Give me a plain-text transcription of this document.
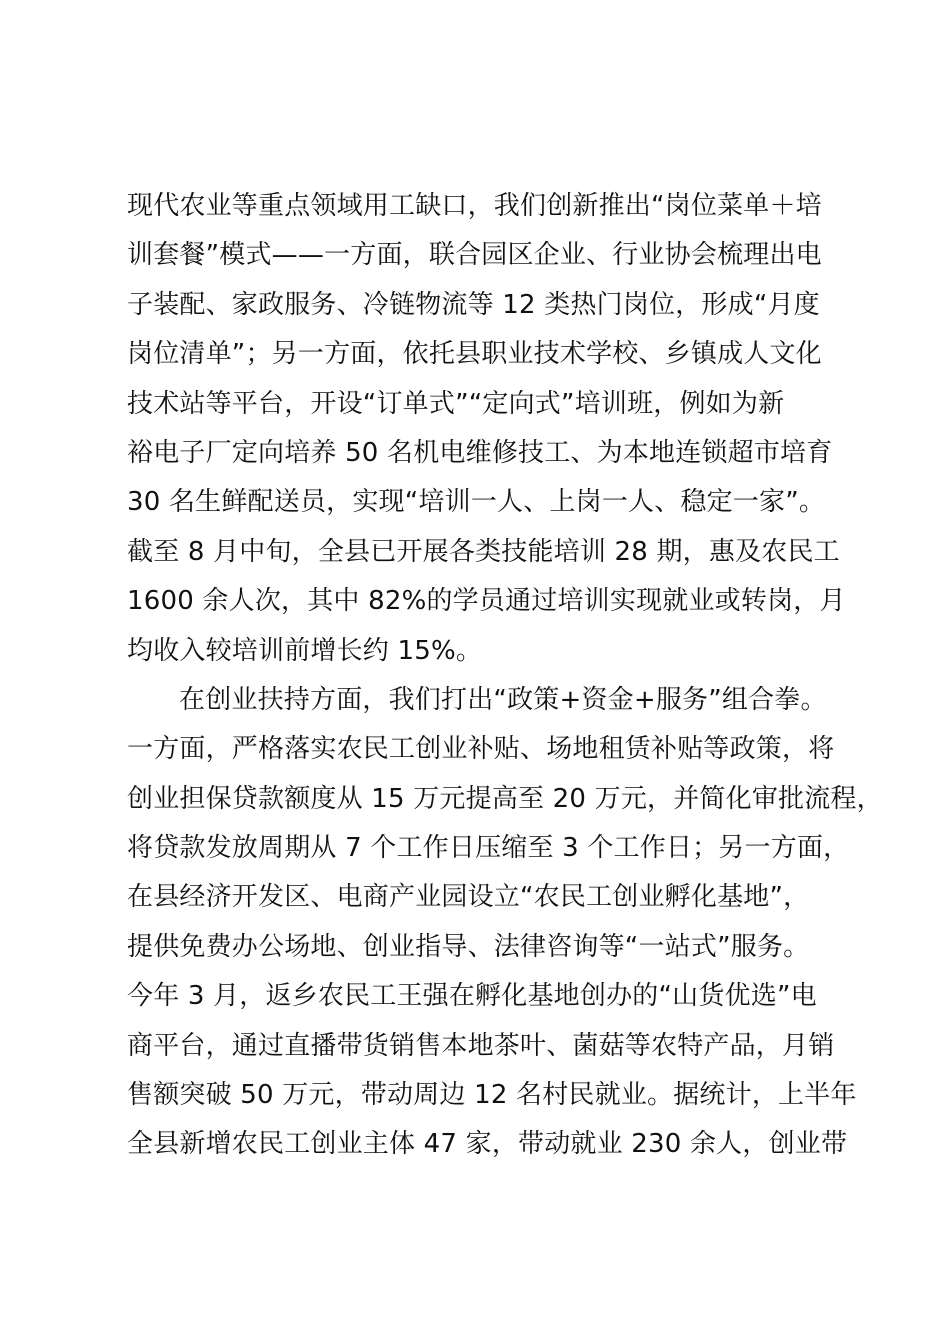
现代农业等重点领域用工缺口，我们创新推出“岗位菜单＋培
训套餐”模式——一方面，联合园区企业、行业协会梳理出电
子装配、家政服务、冷链物流等 12 类热门岗位，形成“月度
岗位清单”；另一方面，依托县职业技术学校、乡镇成人文化
技术站等平台，开设“订单式”“定向式”培训班，例如为新
裕电子厂定向培养 50 名机电维修技工、为本地连锁超市培育
30 名生鲜配送员，实现“培训一人、上岗一人、稳定一家”。
截至 8 月中旬，全县已开展各类技能培训 28 期，惠及农民工
1600 余人次，其中 82%的学员通过培训实现就业或转岗，月
均收入较培训前增长约 15%。
在创业扶持方面，我们打出“政策+资金+服务”组合拳。
一方面，严格落实农民工创业补贴、场地租赁补贴等政策，将
创业担保贷款额度从 15 万元提高至 20 万元，并简化审批流程，
将贷款发放周期从 7 个工作日压缩至 3 个工作日；另一方面，
在县经济开发区、电商产业园设立“农民工创业孵化基地”，
提供免费办公场地、创业指导、法律咨询等“一站式”服务。
今年 3 月，返乡农民工王强在孵化基地创办的“山货优选”电
商平台，通过直播带货销售本地茶叶、菌菇等农特产品，月销
售额突破 50 万元，带动周边 12 名村民就业。据统计，上半年
全县新增农民工创业主体 47 家，带动就业 230 余人，创业带
